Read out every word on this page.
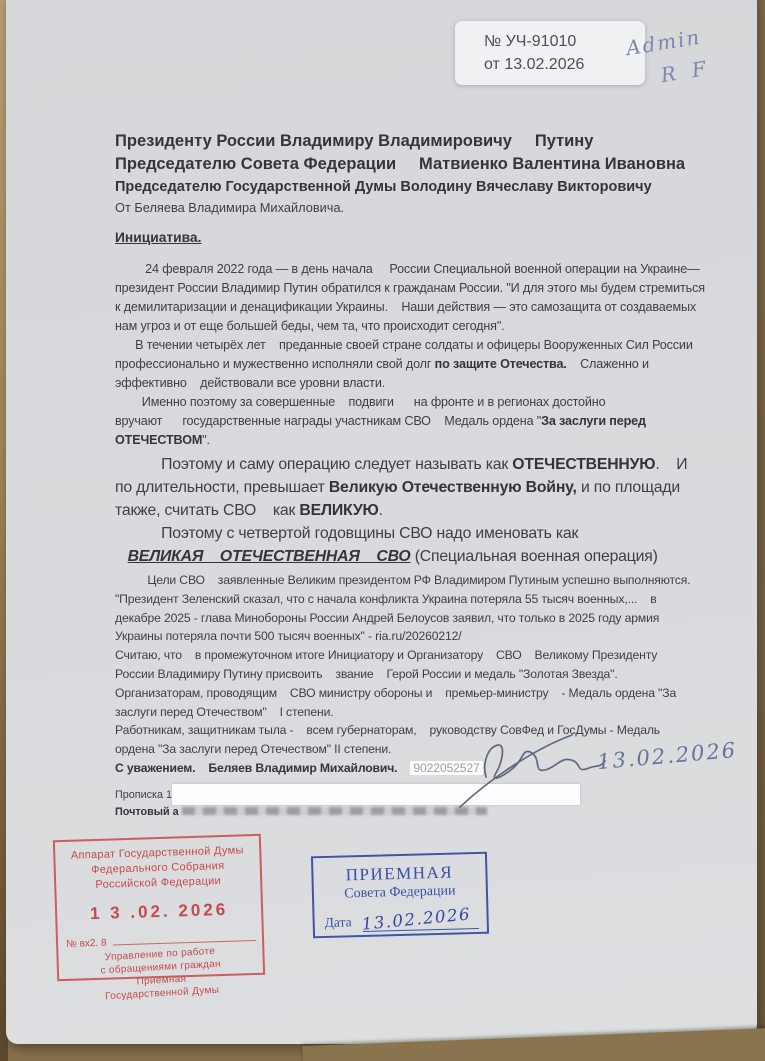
№ УЧ-91010
от 13.02.2026
Admin
R F
Президенту России Владимиру Владимировичу     Путину
Председателю Совета Федерации     Матвиенко Валентина Ивановна
Председателю Государственной Думы Володину Вячеславу Викторовичу
От Беляева Владимира Михайловича.
Инициатива.
24 февраля 2022 года — в день начала     России Специальной военной операции на Украине—
президент России Владимир Путин обратился к гражданам России. "И для этого мы будем стремиться
к демилитаризации и денацификации Украины.    Наши действия — это самозащита от создаваемых
нам угроз и от еще большей беды, чем та, что происходит сегодня".
В течении четырёх лет    преданные своей стране солдаты и офицеры Вооруженных Сил России
профессионально и мужественно исполняли свой долг по защите Отечества.    Слаженно и
эффективно    действовали все уровни власти.
Именно поэтому за совершенные    подвиги      на фронте и в регионах достойно
вручают      государственные награды участникам СВО    Медаль ордена "За заслуги перед
ОТЕЧЕСТВОМ".
Поэтому и саму операцию следует называть как ОТЕЧЕСТВЕННУЮ.    И
по длительности, превышает Великую Отечественную Войну, и по площади
также, считать СВО    как ВЕЛИКУЮ.
Поэтому с четвертой годовщины СВО надо именовать как
ВЕЛИКАЯ    ОТЕЧЕСТВЕННАЯ    СВО (Специальная военная операция)
Цели СВО    заявленные Великим президентом РФ Владимиром Путиным успешно выполняются.
"Президент Зеленский сказал, что с начала конфликта Украина потеряла 55 тысяч военных,...    в
декабре 2025 - глава Минобороны России Андрей Белоусов заявил, что только в 2025 году армия
Украины потеряла почти 500 тысяч военных" - ria.ru/20260212/
Считаю, что    в промежуточном итоге Инициатору и Организатору    СВО    Великому Президенту
России Владимиру Путину присвоить    звание    Герой России и медаль "Золотая Звезда".
Организаторам, проводящим    СВО министру обороны и    премьер-министру    - Медаль ордена "За
заслуги перед Отечеством"    I степени.
Работникам, защитникам тыла -    всем губернаторам,    руководству СовФед и ГосДумы - Медаль
ордена "За заслуги перед Отечеством" II степени.
С уважением.    Беляев Владимир Михайлович. 9022052527
Прописка 1
Почтовый а
13.02.2026
Аппарат Государственной Думы
Федерального Собрания
Российской Федерации
1 3 .02. 2026
№ вх2. 8
Управление по работе
с обращениями граждан
Приемная
Государственной Думы
ПРИЕМНАЯ
Совета Федерации
Дата 13.02.2026
